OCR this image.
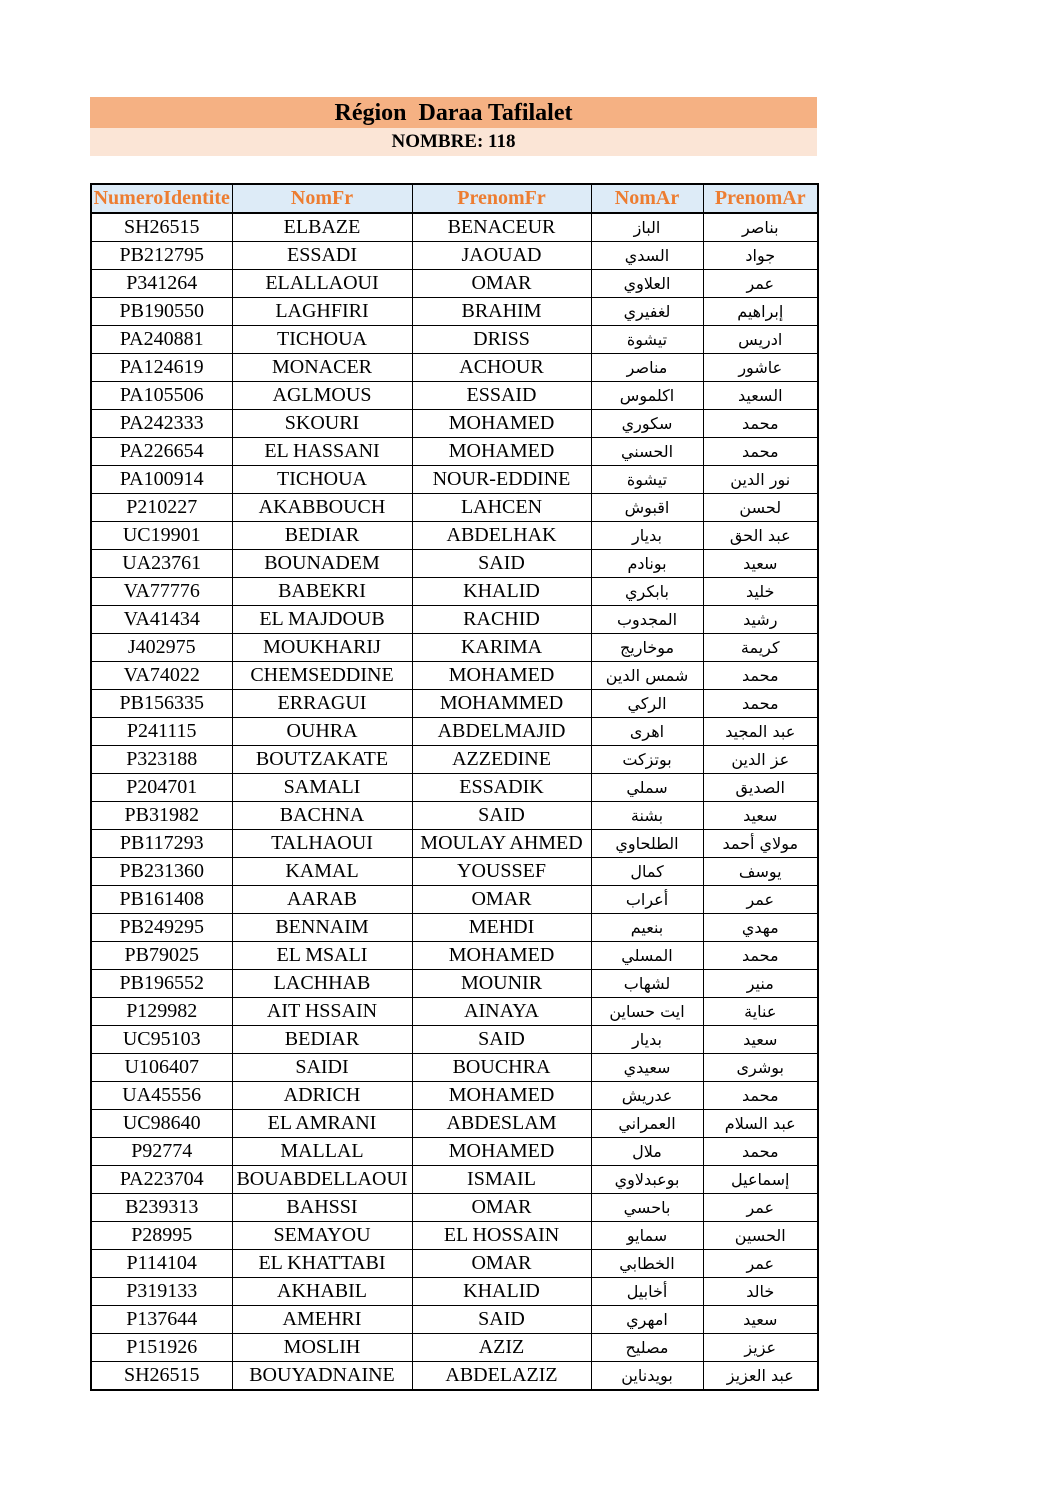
Région  Daraa Tafilalet
NOMBRE: 118
NumeroIdentite	NomFr	PrenomFr	NomAr	PrenomAr
SH26515	ELBAZE	BENACEUR	الباز	بناصر
PB212795	ESSADI	JAOUAD	السدي	جواد
P341264	ELALLAOUI	OMAR	العلاوي	عمر
PB190550	LAGHFIRI	BRAHIM	لغفيري	إبراهيم
PA240881	TICHOUA	DRISS	تيشوة	ادريس
PA124619	MONACER	ACHOUR	مناصر	عاشور
PA105506	AGLMOUS	ESSAID	اكلموس	السعيد
PA242333	SKOURI	MOHAMED	سكوري	محمد
PA226654	EL HASSANI	MOHAMED	الحسني	محمد
PA100914	TICHOUA	NOUR-EDDINE	تيشوة	نور الدين
P210227	AKABBOUCH	LAHCEN	اقبوش	لحسن
UC19901	BEDIAR	ABDELHAK	بديار	عبد الحق
UA23761	BOUNADEM	SAID	بونادم	سعيد
VA77776	BABEKRI	KHALID	بابكري	خليد
VA41434	EL MAJDOUB	RACHID	المجدوب	رشيد
J402975	MOUKHARIJ	KARIMA	موخاريج	كريمة
VA74022	CHEMSEDDINE	MOHAMED	شمس الدين	محمد
PB156335	ERRAGUI	MOHAMMED	الركي	محمد
P241115	OUHRA	ABDELMAJID	اهرى	عبد المجيد
P323188	BOUTZAKATE	AZZEDINE	بوتزكت	عز الدين
P204701	SAMALI	ESSADIK	سملي	الصديق
PB31982	BACHNA	SAID	بشنة	سعيد
PB117293	TALHAOUI	MOULAY AHMED	الطلحاوي	مولاي أحمد
PB231360	KAMAL	YOUSSEF	كمال	يوسف
PB161408	AARAB	OMAR	أعراب	عمر
PB249295	BENNAIM	MEHDI	بنعيم	مهدي
PB79025	EL MSALI	MOHAMED	المسلي	محمد
PB196552	LACHHAB	MOUNIR	لشهاب	منير
P129982	AIT HSSAIN	AINAYA	ايت حساين	عناية
UC95103	BEDIAR	SAID	بديار	سعيد
U106407	SAIDI	BOUCHRA	سعيدي	بوشرى
UA45556	ADRICH	MOHAMED	عدريش	محمد
UC98640	EL AMRANI	ABDESLAM	العمراني	عبد السلام
P92774	MALLAL	MOHAMED	ملال	محمد
PA223704	BOUABDELLAOUI	ISMAIL	بوعبدلاوي	إسماعيل
B239313	BAHSSI	OMAR	باحسي	عمر
P28995	SEMAYOU	EL HOSSAIN	سمايو	الحسين
P114104	EL KHATTABI	OMAR	الخطابي	عمر
P319133	AKHABIL	KHALID	أخابيل	خالد
P137644	AMEHRI	SAID	امهري	سعيد
P151926	MOSLIH	AZIZ	مصليح	عزيز
SH26515	BOUYADNAINE	ABDELAZIZ	بويدناين	عبد العزيز
